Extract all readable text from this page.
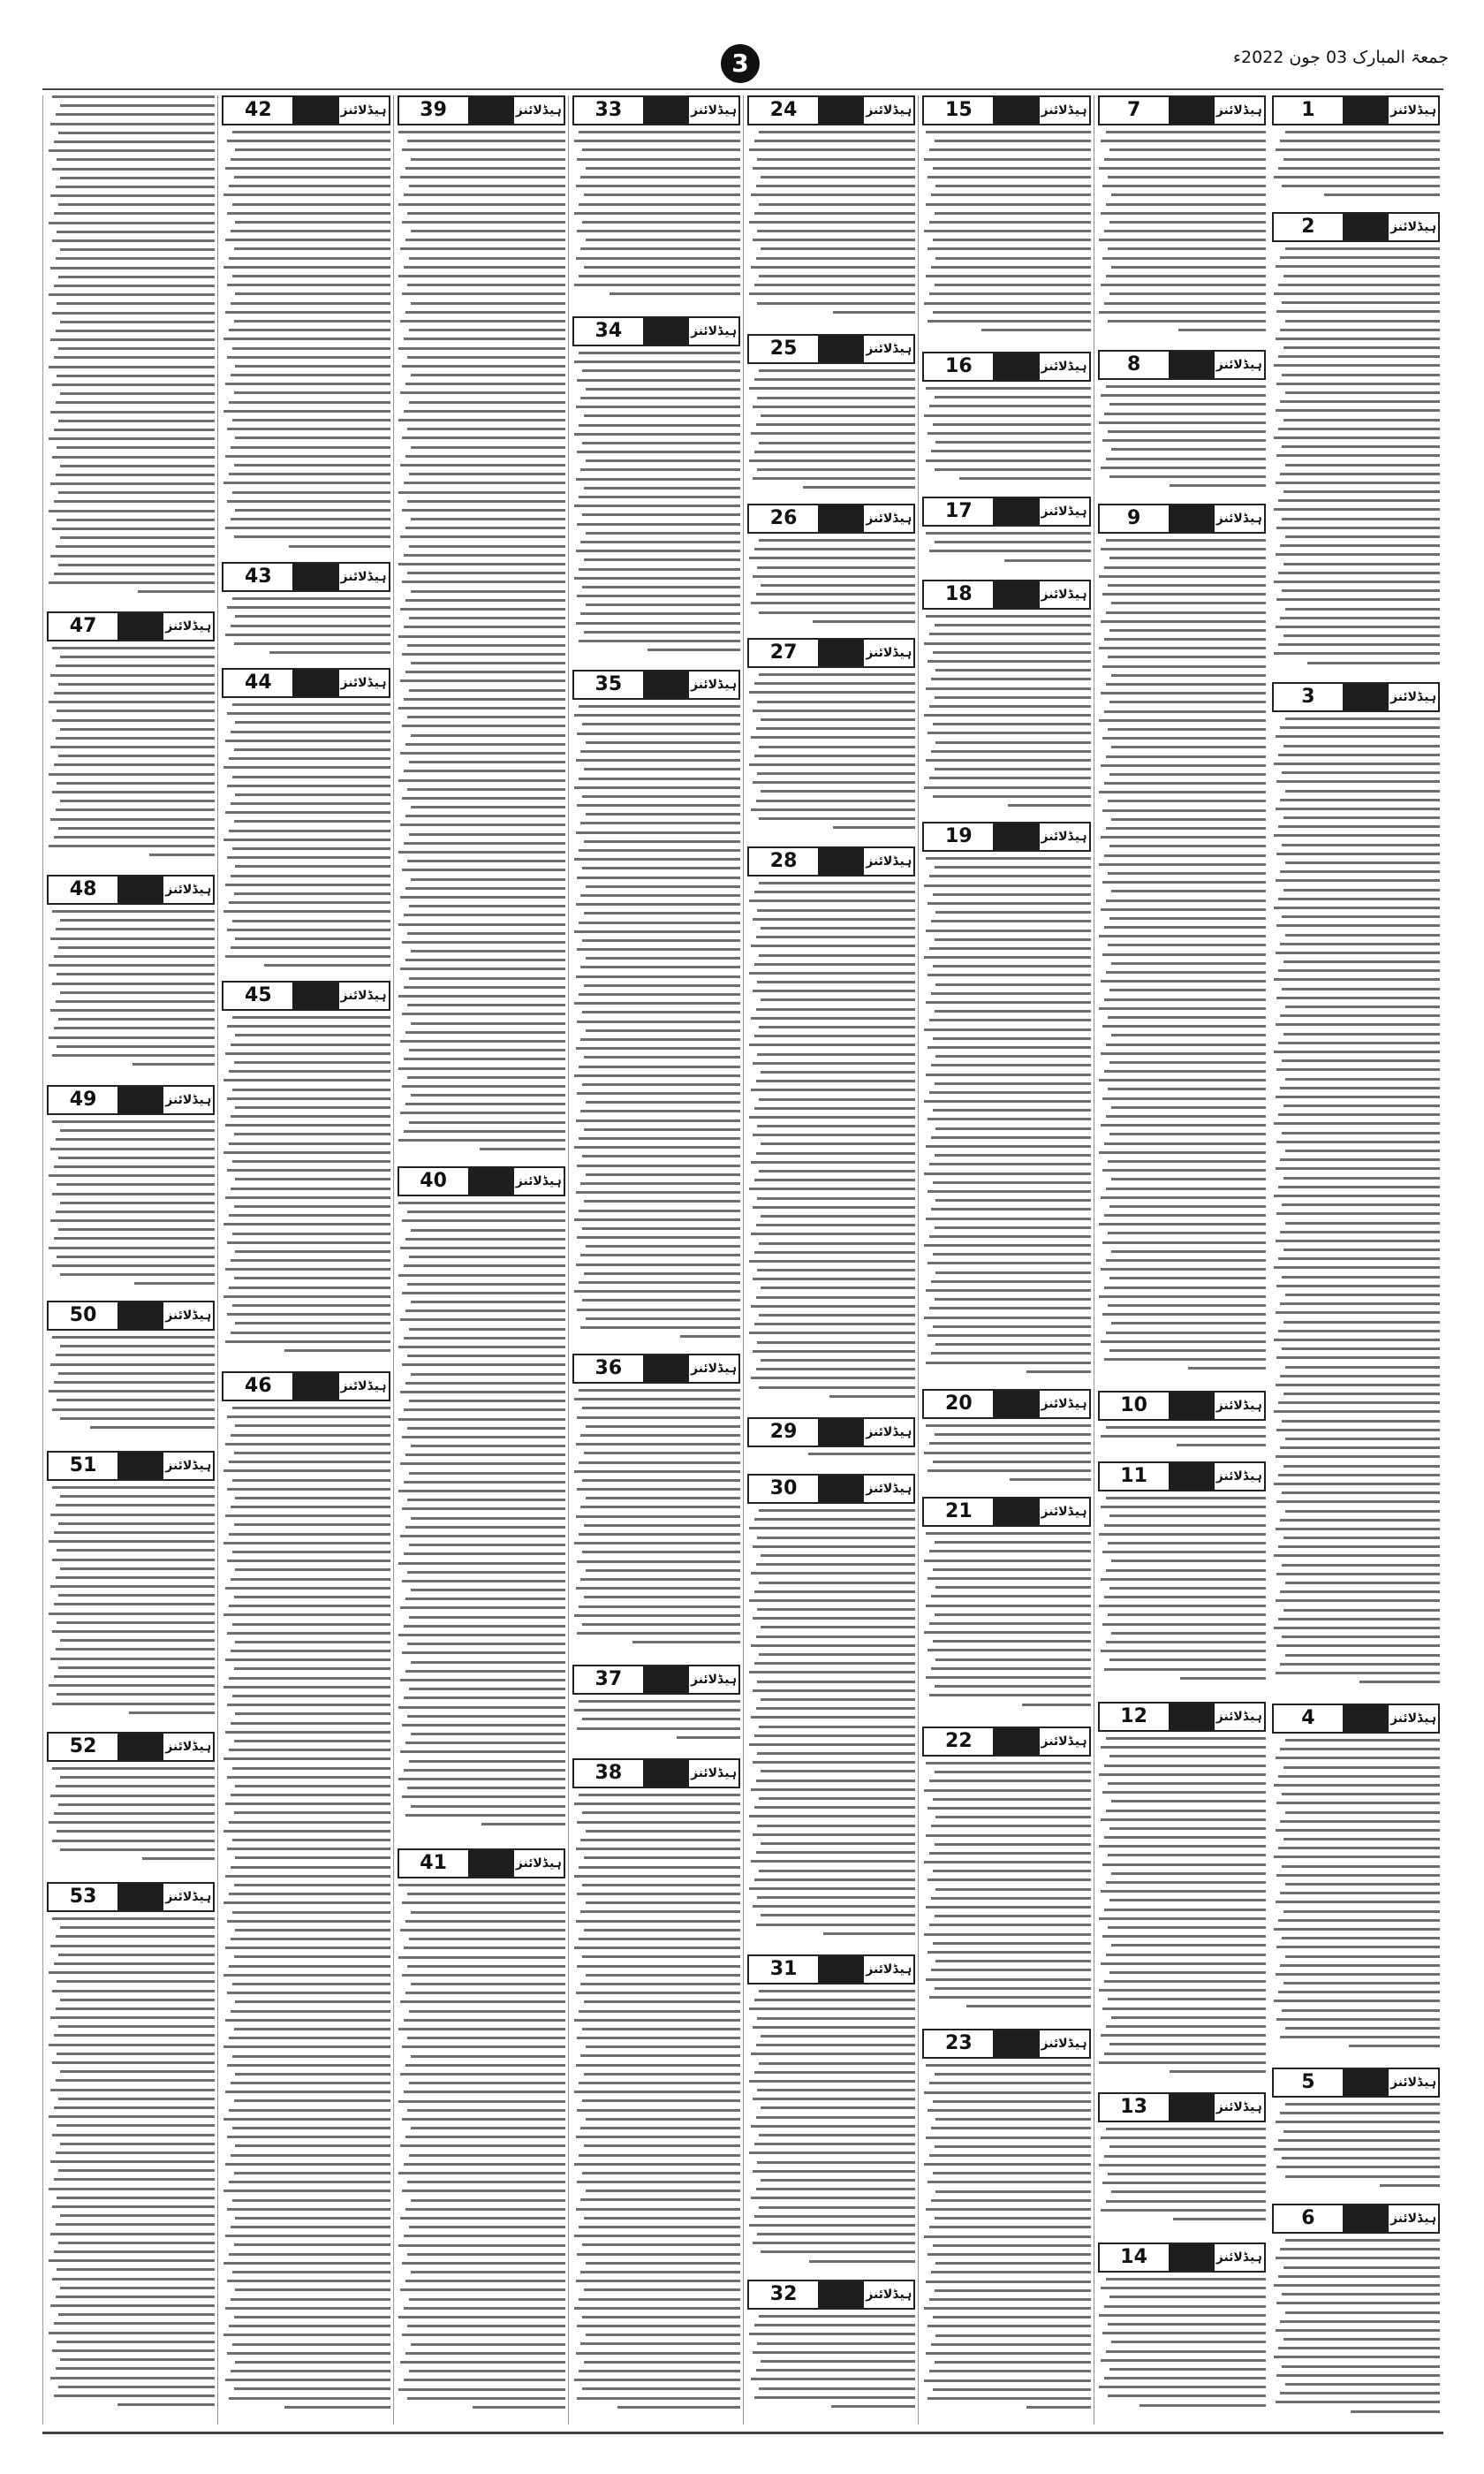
3	جمعۃ المبارک 03 جون 2022ء
1	ہیڈلائنز
2	ہیڈلائنز
3	ہیڈلائنز
4	ہیڈلائنز
5	ہیڈلائنز
6	ہیڈلائنز
7	ہیڈلائنز
8	ہیڈلائنز
9	ہیڈلائنز
10	ہیڈلائنز
11	ہیڈلائنز
12	ہیڈلائنز
13	ہیڈلائنز
14	ہیڈلائنز
15	ہیڈلائنز
16	ہیڈلائنز
17	ہیڈلائنز
18	ہیڈلائنز
19	ہیڈلائنز
20	ہیڈلائنز
21	ہیڈلائنز
22	ہیڈلائنز
23	ہیڈلائنز
24	ہیڈلائنز
25	ہیڈلائنز
26	ہیڈلائنز
27	ہیڈلائنز
28	ہیڈلائنز
29	ہیڈلائنز
30	ہیڈلائنز
31	ہیڈلائنز
32	ہیڈلائنز
33	ہیڈلائنز
34	ہیڈلائنز
35	ہیڈلائنز
36	ہیڈلائنز
37	ہیڈلائنز
38	ہیڈلائنز
39	ہیڈلائنز
40	ہیڈلائنز
41	ہیڈلائنز
42	ہیڈلائنز
43	ہیڈلائنز
44	ہیڈلائنز
45	ہیڈلائنز
46	ہیڈلائنز
47	ہیڈلائنز
48	ہیڈلائنز
49	ہیڈلائنز
50	ہیڈلائنز
51	ہیڈلائنز
52	ہیڈلائنز
53	ہیڈلائنز
